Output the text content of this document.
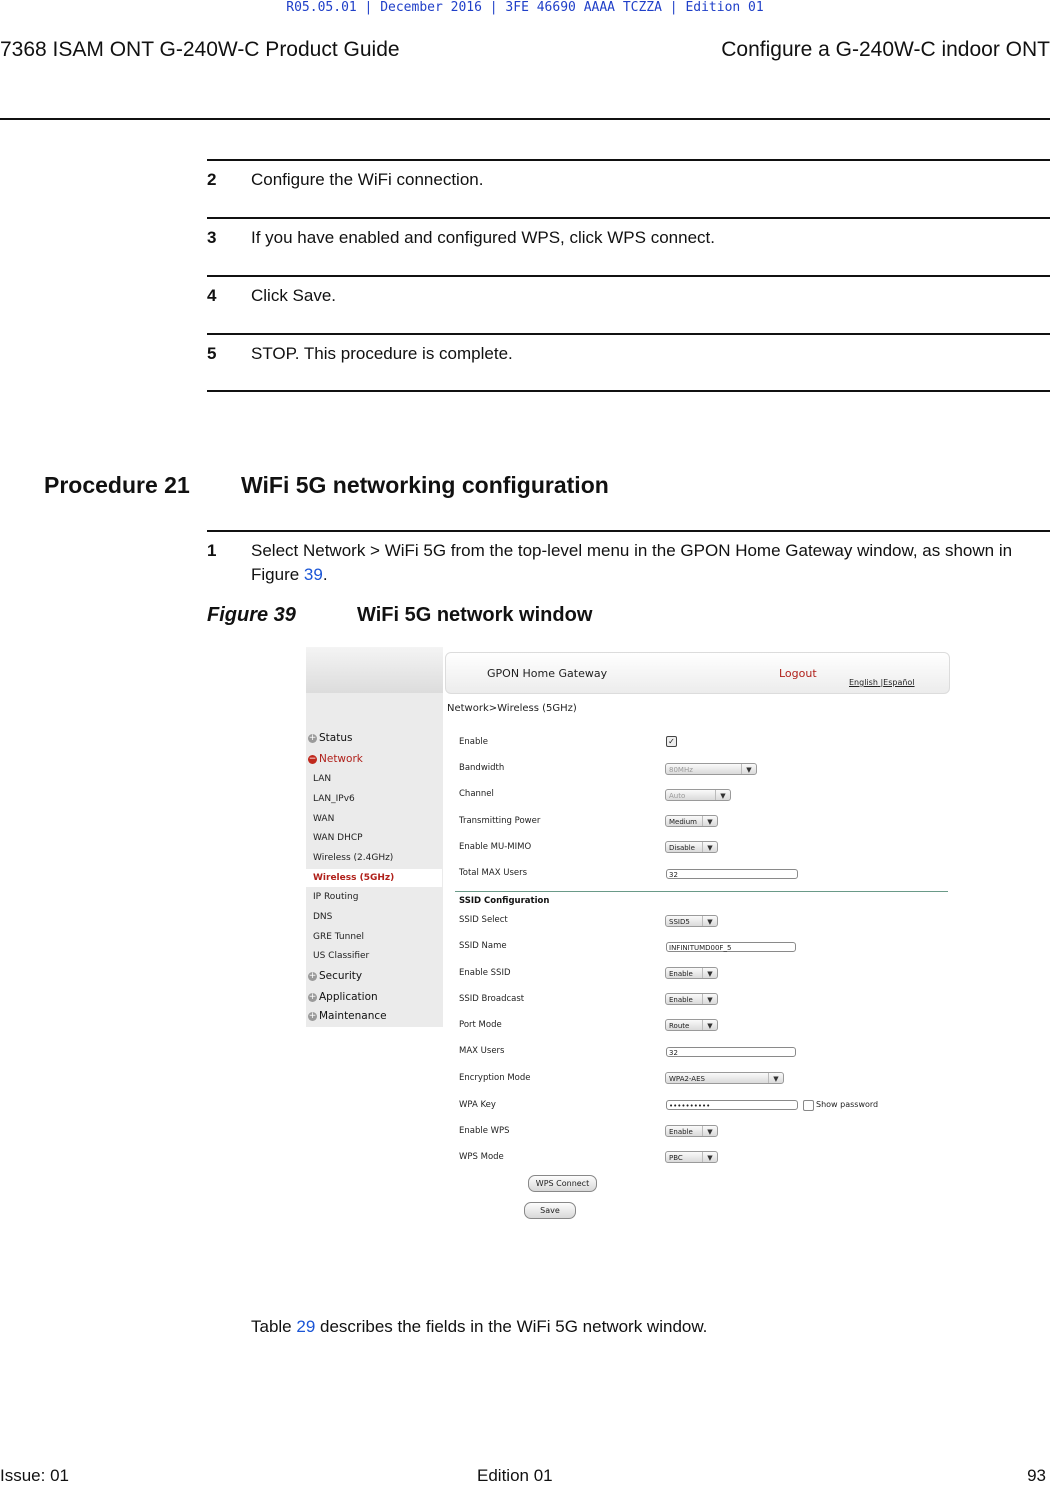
R05.05.01 | December 2016 | 3FE 46690 AAAA TCZZA | Edition 01
7368 ISAM ONT G-240W-C Product Guide	Configure a G-240W-C indoor ONT
2 Configure the WiFi connection.
3 If you have enabled and configured WPS, click WPS connect.
4 Click Save.
5 STOP. This procedure is complete.
Procedure 21 WiFi 5G networking configuration
1 Select Network > WiFi 5G from the top-level menu in the GPON Home Gateway window, as shown in Figure 39.
Figure 39	WiFi 5G network window
GPON Home Gateway	Logout
English |Español
Network>Wireless (5GHz)
+ Status
− Network
LAN
LAN_IPv6
WAN
WAN DHCP
Wireless (2.4GHz)
Wireless (5GHz)
IP Routing
DNS
GRE Tunnel
US Classifier
+ Security
+ Application
+ Maintenance
Enable	✓
Bandwidth	80MHz	▼
Channel	Auto	▼
Transmitting Power	Medium	▼
Enable MU-MIMO	Disable	▼
Total MAX Users	32
SSID Configuration
SSID Select	SSID5	▼
SSID Name	INFINITUMD00F_5
Enable SSID	Enable	▼
SSID Broadcast	Enable	▼
Port Mode	Route	▼
MAX Users	32
Encryption Mode	WPA2-AES	▼
WPA Key	••••••••••	Show password
Enable WPS	Enable	▼
WPS Mode	PBC	▼
WPS Connect
Save
Table 29 describes the fields in the WiFi 5G network window.
Issue: 01	Edition 01	93
